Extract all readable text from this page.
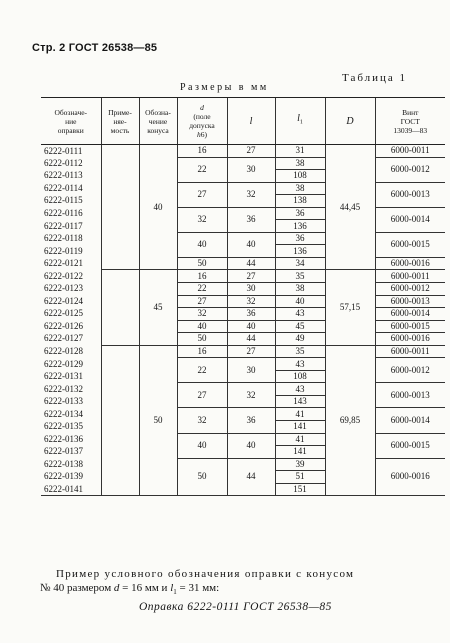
Стр. 2 ГОСТ 26538—85
Таблица 1
Размеры в мм
Обозначе-
ние
оправки	Приме-
няе-
мость	Обозна-
чение
конуса	d
(поле
допуска
h6)	l	$l_1$	D	Винт
ГОСТ
13039—83
6222-0111		40	16	27	31	44,45	6000-0011
6222-0112			22	30	38		6000-0012
6222-0113					108		
6222-0114			27	32	38		6000-0013
6222-0115					138		
6222-0116			32	36	36		6000-0014
6222-0117					136		
6222-0118			40	40	36		6000-0015
6222-0119					136		
6222-0121			50	44	34		6000-0016
6222-0122		45	16	27	35	57,15	6000-0011
6222-0123			22	30	38		6000-0012
6222-0124			27	32	40		6000-0013
6222-0125			32	36	43		6000-0014
6222-0126			40	40	45		6000-0015
6222-0127			50	44	49		6000-0016
6222-0128		50	16	27	35	69,85	6000-0011
6222-0129			22	30	43		6000-0012
6222-0131					108		
6222-0132			27	32	43		6000-0013
6222-0133					143		
6222-0134			32	36	41		6000-0014
6222-0135					141		
6222-0136			40	40	41		6000-0015
6222-0137					141		
6222-0138			50	44	39		6000-0016
6222-0139					51		
6222-0141					151		
Пример условного обозначения оправки с конусом
№ 40 размером d = 16 мм и $l_1 = 31$ мм:
Оправка 6222-0111 ГОСТ 26538—85
